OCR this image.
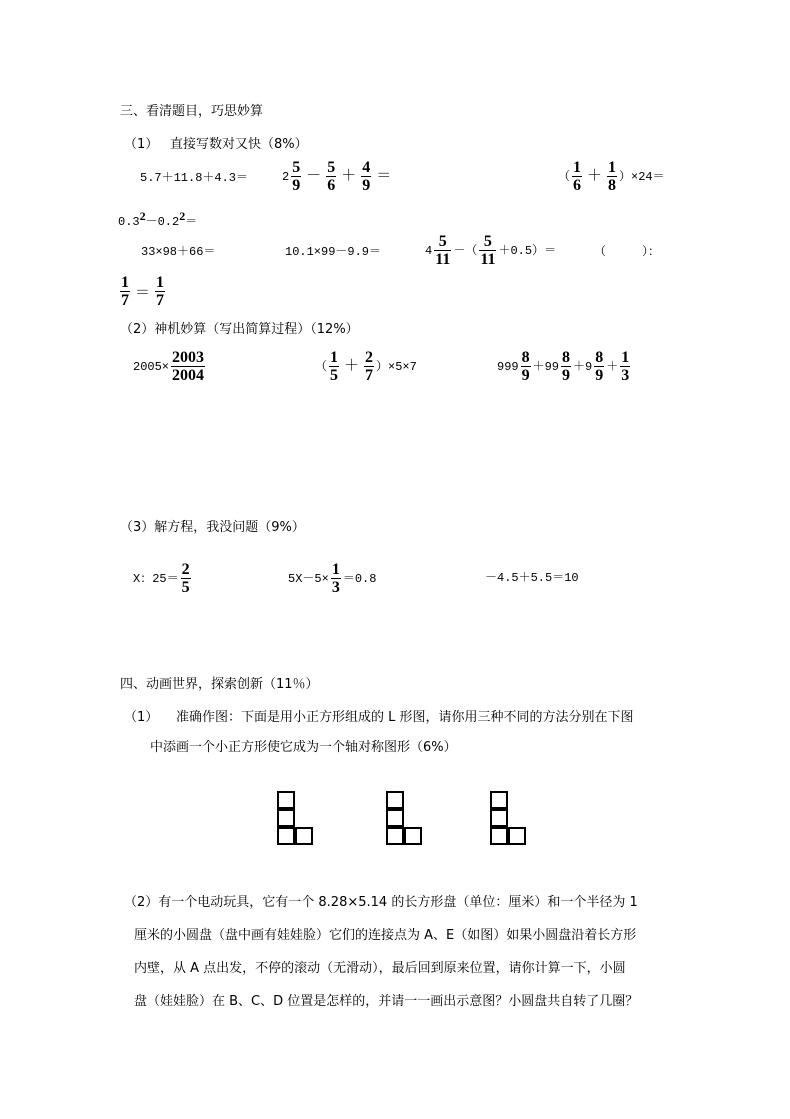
三、看清题目，巧思妙算
（1） 直接写数对又快（8%）
5.7＋11.8＋4.3＝	$2 \frac{5}{9} - \frac{5}{6} + \frac{4}{9}$ ＝	（ $\frac{1}{6} + \frac{1}{8} )\times 24=$
$0.3^2-0.2^2=$
33×98＋66＝	10.1×99－9.9＝	$4 \frac{5}{11}$ －（ $\frac{5}{11} +0.5)=$	（　　　）：
$\frac{1}{7} = \frac{1}{7}$
（2）神机妙算（写出简算过程）（12%）
$2005\times \frac{2003}{2004}$	（ $\frac{1}{5} + \frac{2}{7} )\times 5\times 7$	$999 \frac{8}{9} +99 \frac{8}{9} +9 \frac{8}{9} + \frac{1}{3}$
（3）解方程，我没问题（9%）
X：$25= \frac{2}{5}$	$5X-5\times \frac{1}{3} =0.8$	－4.5＋5.5＝10
四、动画世界，探索创新（11％）
（1） 准确作图：下面是用小正方形组成的 L 形图，请你用三种不同的方法分别在下图
中添画一个小正方形使它成为一个轴对称图形（6%）
（2）有一个电动玩具，它有一个 8.28×5.14 的长方形盘（单位：厘米）和一个半径为 1
厘米的小圆盘（盘中画有娃娃脸）它们的连接点为 A、E（如图）如果小圆盘沿着长方形
内壁，从 A 点出发，不停的滚动（无滑动），最后回到原来位置，请你计算一下，小圆
盘（娃娃脸）在 B、C、D 位置是怎样的，并请一一画出示意图？小圆盘共自转了几圈？
